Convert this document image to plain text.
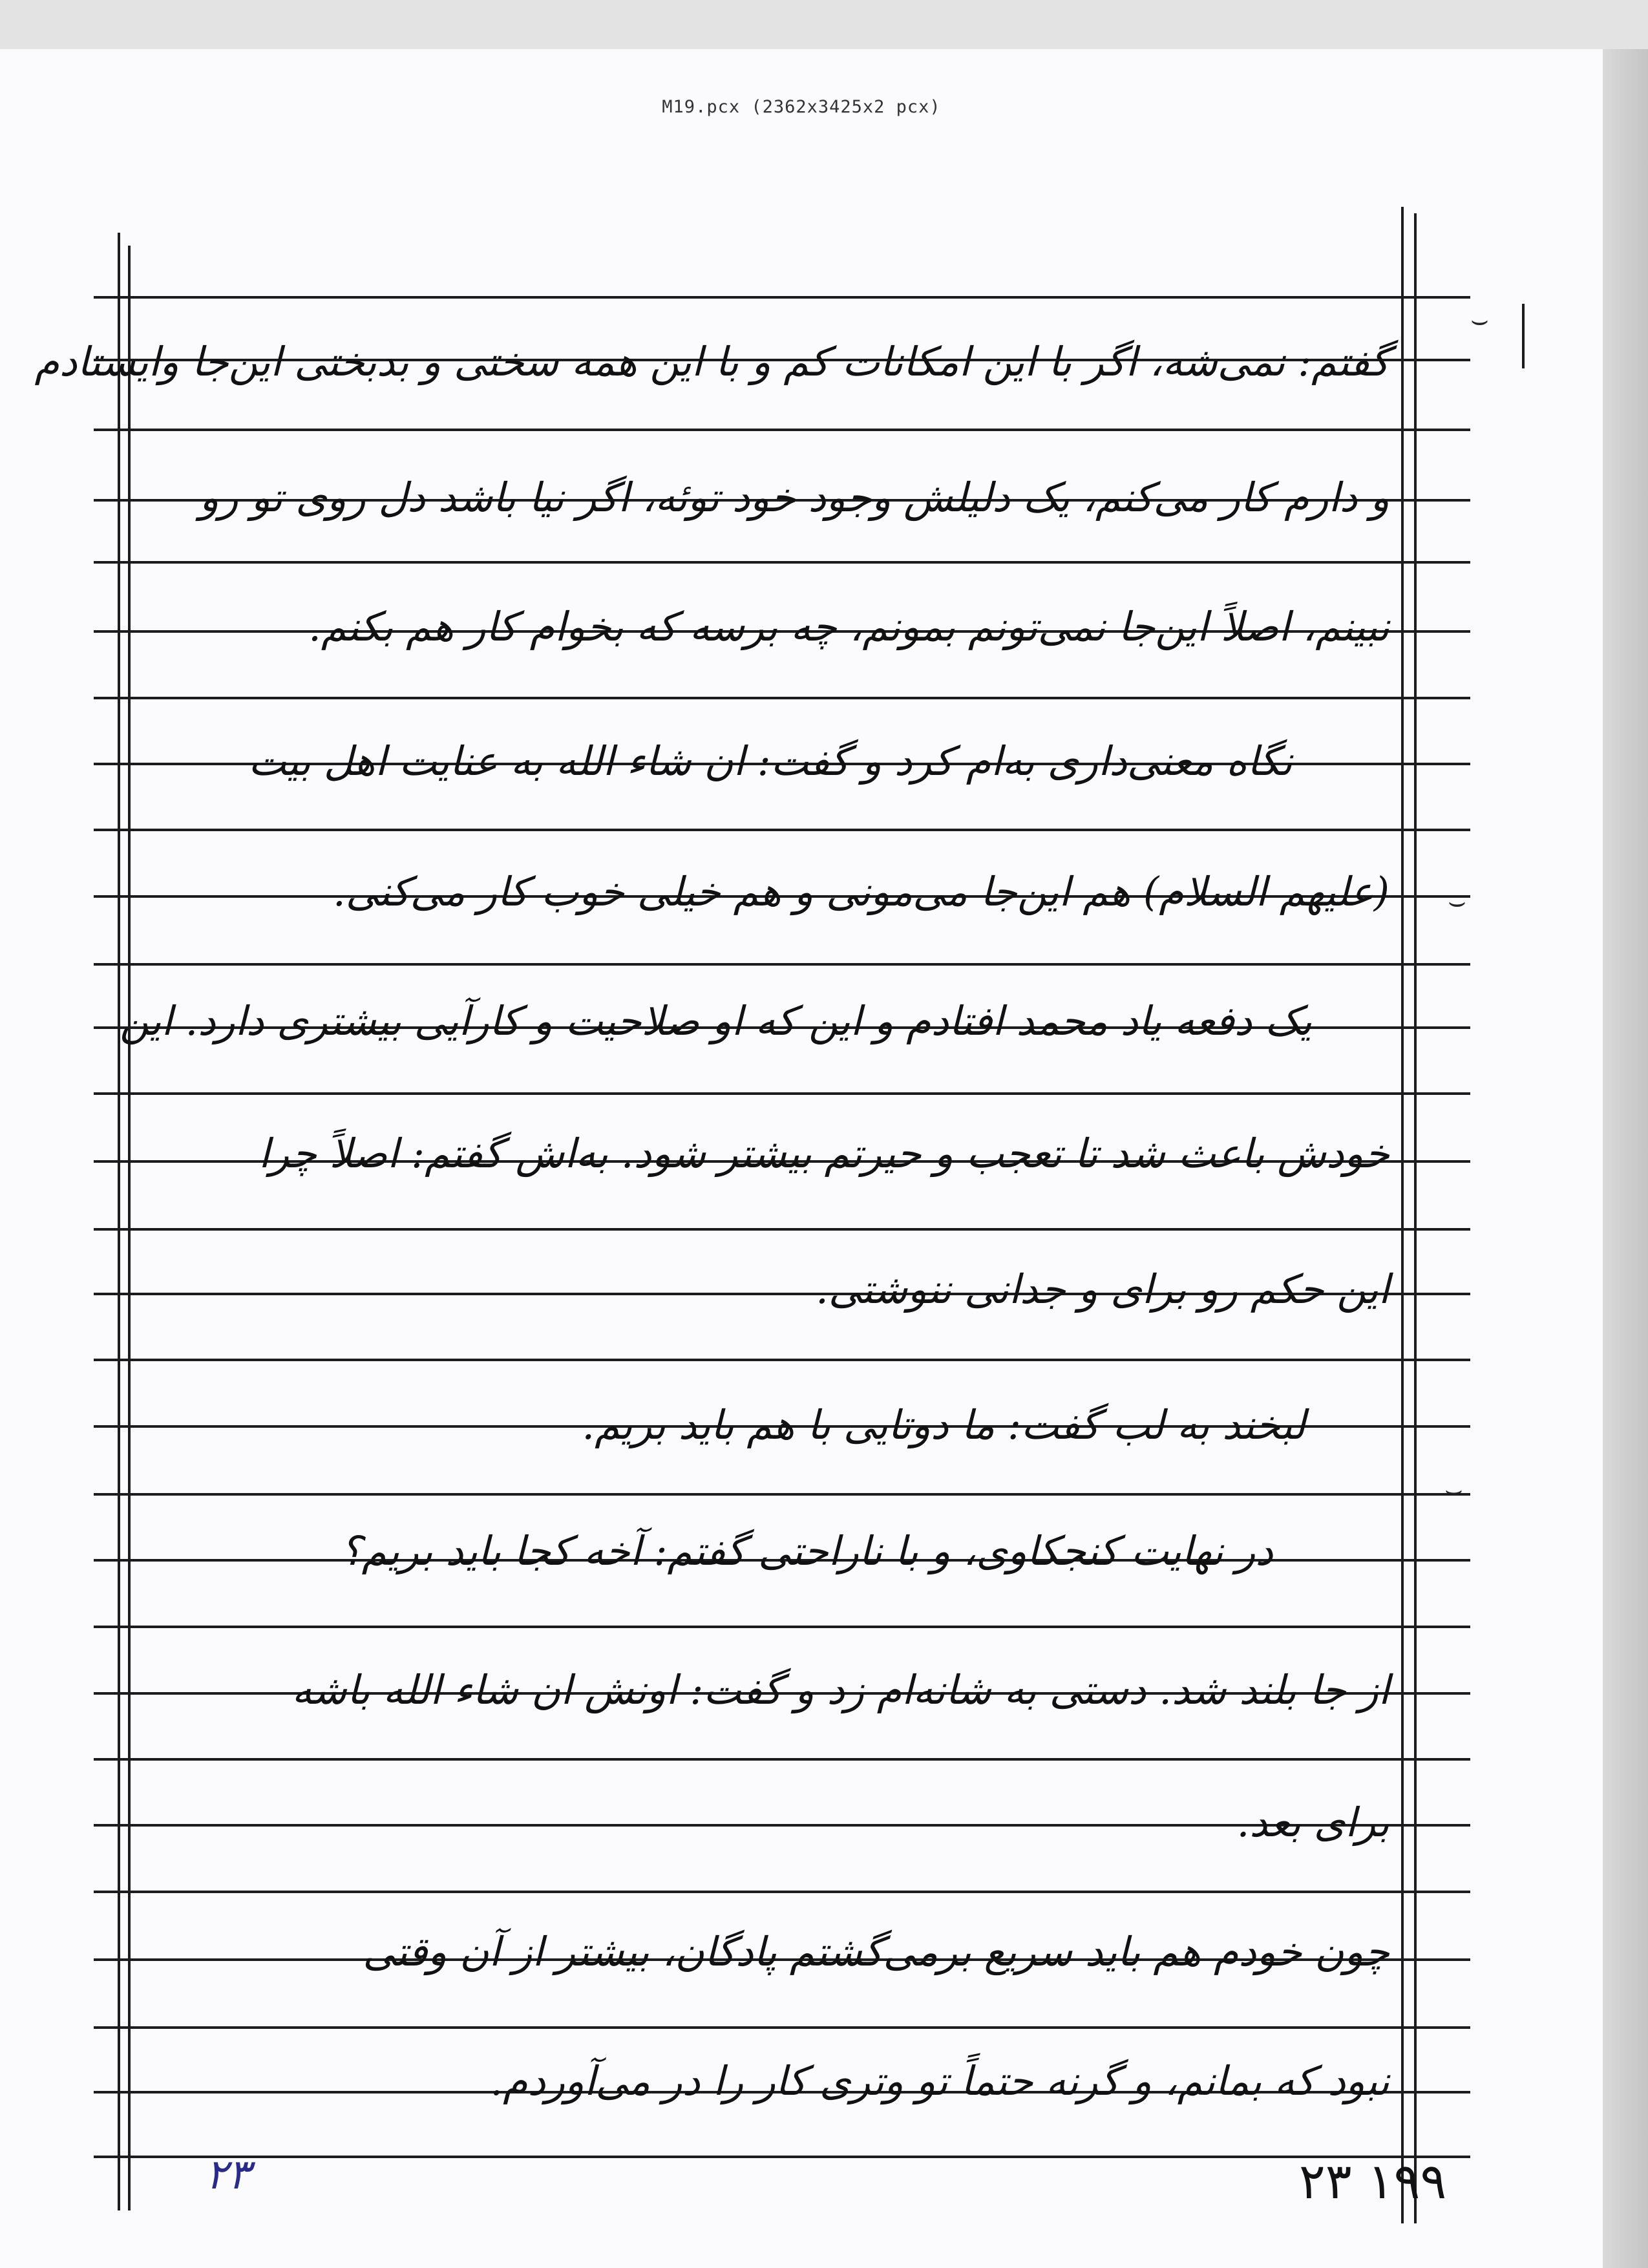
M19.pcx (2362x3425x2 pcx)
گفتم: نمی‌شه، اگر با این امکانات کم و با این همه سختی و بدبختی این‌جا وایستادم
و دارم کار می‌کنم، یک دلیلش وجود خود توئه، اگر نیا باشد دل روی تو رو
نبینم، اصلاً این‌جا نمی‌تونم بمونم، چه برسه که بخوام کار هم بکنم.
نگاه معنی‌داری به‌ام کرد و گفت: ان شاء الله به عنایت اهل بیت
(علیهم السلام) هم این‌جا می‌مونی و هم خیلی خوب کار می‌کنی.
یک دفعه یاد محمد افتادم و این که او صلاحیت و کارآیی بیشتری دارد. این
خودش باعث شد تا تعجب و حیرتم بیشتر شود. به‌اش گفتم: اصلاً چرا
این حکم رو برای و جدانی ننوشتی.
لبخند به لب گفت: ما دوتایی با هم باید بریم.
در نهایت کنجکاوی، و با ناراحتی گفتم: آخه کجا باید بریم؟
از جا بلند شد. دستی به شانه‌ام زد و گفت: اونش ان شاء الله باشه
برای بعد.
چون خودم هم باید سریع برمی‌گشتم پادگان، بیشتر از آن وقتی
نبود که بمانم، و گرنه حتماً تو وتری کار را در می‌آوردم.
⌣
⌣
⌣
۲۳	۱۹۹ ۲۳
